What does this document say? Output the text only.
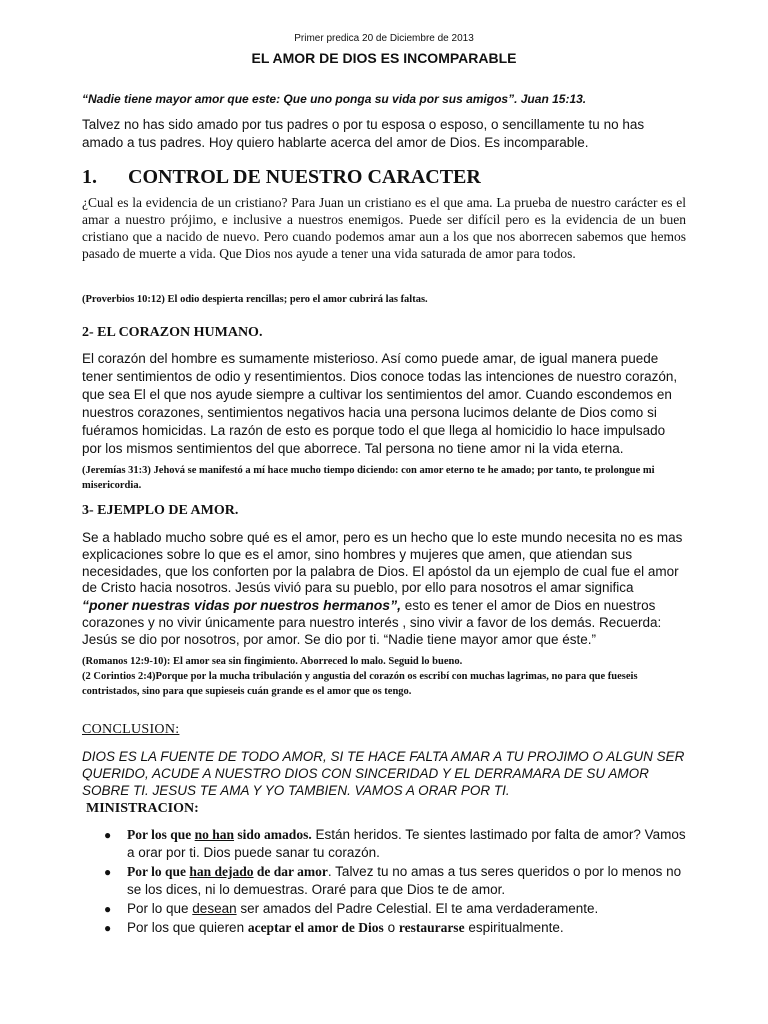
Primer predica 20 de Diciembre de 2013
EL AMOR DE DIOS ES INCOMPARABLE
“Nadie tiene mayor amor que este: Que uno ponga su vida por sus amigos”. Juan 15:13.
Talvez no has sido amado por tus padres o por tu esposa o esposo, o sencillamente tu no has amado a tus padres. Hoy quiero hablarte acerca del amor de Dios. Es incomparable.
1. CONTROL DE NUESTRO CARACTER
¿Cual es la evidencia de un cristiano? Para Juan un cristiano es el que ama. La prueba de nuestro carácter es el amar a nuestro prójimo, e inclusive a nuestros enemigos. Puede ser difícil pero es la evidencia de un buen cristiano que a nacido de nuevo. Pero cuando podemos amar aun a los que nos aborrecen sabemos que hemos pasado de muerte a vida. Que Dios nos ayude a tener una vida saturada de amor para todos.
(Proverbios 10:12) El odio despierta rencillas; pero el amor cubrirá las faltas.
2- EL CORAZON HUMANO.
El corazón del hombre es sumamente misterioso. Así como puede amar, de igual manera puede tener sentimientos de odio y resentimientos. Dios conoce todas las intenciones de nuestro corazón, que sea El el que nos ayude siempre a cultivar los sentimientos del amor. Cuando escondemos en nuestros corazones, sentimientos negativos hacia una persona lucimos delante de Dios como si fuéramos homicidas. La razón de esto es porque todo el que llega al homicidio lo hace impulsado por los mismos sentimientos del que aborrece. Tal persona no tiene amor ni la vida eterna.
(Jeremías 31:3) Jehová se manifestó a mí hace mucho tiempo diciendo: con amor eterno te he amado; por tanto, te prolongue mi misericordia.
3- EJEMPLO DE AMOR.
Se a hablado mucho sobre qué es el amor, pero es un hecho que lo este mundo necesita no es mas explicaciones sobre lo que es el amor, sino hombres y mujeres que amen, que atiendan sus necesidades, que los conforten por la palabra de Dios. El apóstol da un ejemplo de cual fue el amor de Cristo hacia nosotros. Jesús vivió para su pueblo, por ello para nosotros el amar significa
“poner nuestras vidas por nuestros hermanos”, esto es tener el amor de Dios en nuestros corazones y no vivir únicamente para nuestro interés , sino vivir a favor de los demás. Recuerda: Jesús se dio por nosotros, por amor. Se dio por ti. “Nadie tiene mayor amor que éste.”
(Romanos 12:9-10): El amor sea sin fingimiento. Aborreced lo malo. Seguid lo bueno.
(2 Corintios 2:4)Porque por la mucha tribulación y angustia del corazón os escribí con muchas lagrimas, no para que fueseis contristados, sino para que supieseis cuán grande es el amor que os tengo.
CONCLUSION:
DIOS ES LA FUENTE DE TODO AMOR, SI TE HACE FALTA AMAR A TU PROJIMO O ALGUN SER QUERIDO, ACUDE A NUESTRO DIOS CON SINCERIDAD Y EL DERRAMARA DE SU AMOR SOBRE TI. JESUS TE AMA Y YO TAMBIEN. VAMOS A ORAR POR TI.
MINISTRACION:
● Por los que no han sido amados. Están heridos. Te sientes lastimado por falta de amor? Vamos a orar por ti. Dios puede sanar tu corazón.
● Por lo que han dejado de dar amor. Talvez tu no amas a tus seres queridos o por lo menos no se los dices, ni lo demuestras. Oraré para que Dios te de amor.
● Por lo que desean ser amados del Padre Celestial. El te ama verdaderamente.
● Por los que quieren aceptar el amor de Dios o restaurarse espiritualmente.
